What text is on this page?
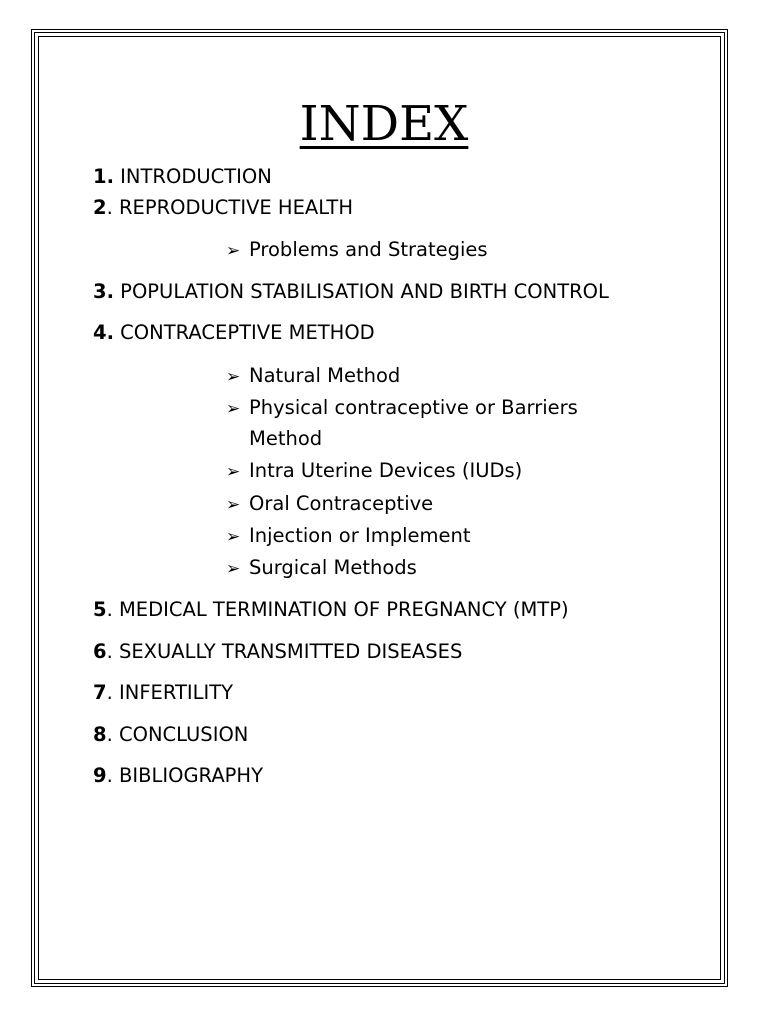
INDEX
1. INTRODUCTION
2. REPRODUCTIVE HEALTH
➢ Problems and Strategies
3. POPULATION STABILISATION AND BIRTH CONTROL
4. CONTRACEPTIVE METHOD
➢ Natural Method
➢ Physical contraceptive or Barriers
Method
➢ Intra Uterine Devices (IUDs)
➢ Oral Contraceptive
➢ Injection or Implement
➢ Surgical Methods
5. MEDICAL TERMINATION OF PREGNANCY (MTP)
6. SEXUALLY TRANSMITTED DISEASES
7. INFERTILITY
8. CONCLUSION
9. BIBLIOGRAPHY
